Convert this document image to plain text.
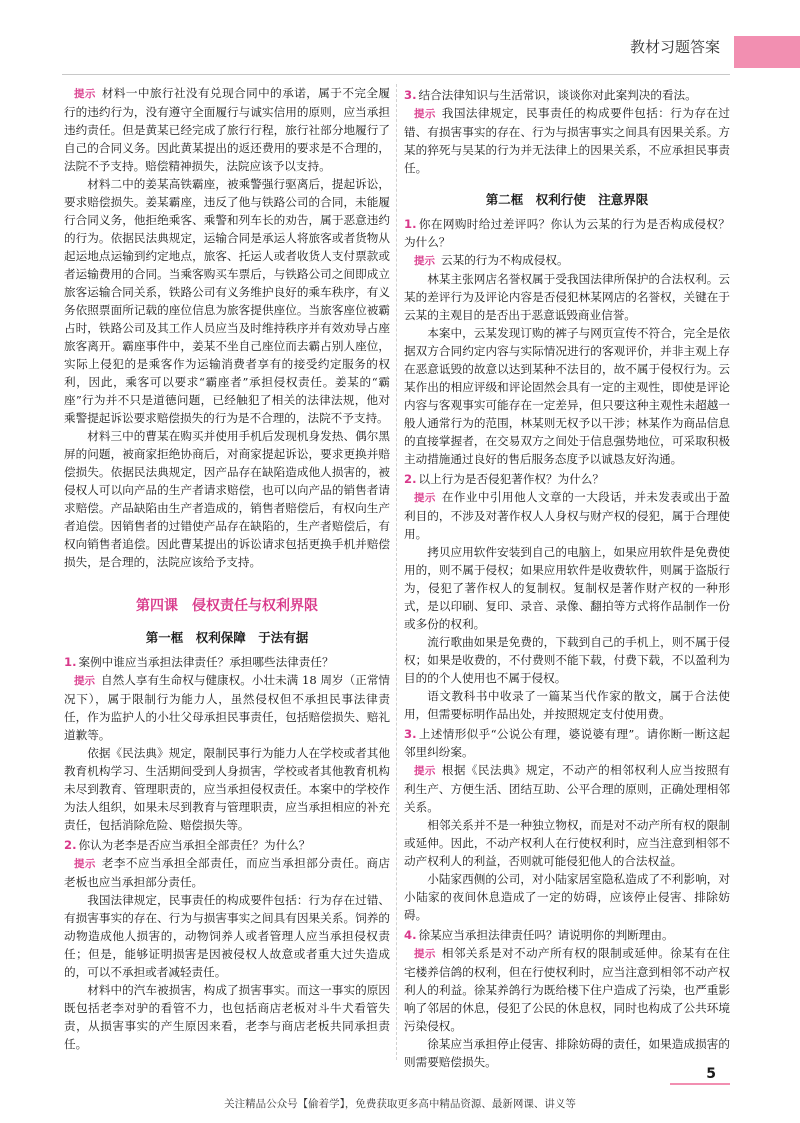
教材习题答案

提示 材料一中旅行社没有兑现合同中的承诺，属于不完全履行的违约行为，没有遵守全面履行与诚实信用的原则，应当承担违约责任。但是黄某已经完成了旅行行程，旅行社部分地履行了自己的合同义务。因此黄某提出的返还费用的要求是不合理的，法院不予支持。赔偿精神损失，法院应该予以支持。

材料二中的姜某高铁霸座，被乘警强行驱离后，提起诉讼，要求赔偿损失。姜某霸座，违反了他与铁路公司的合同，未能履行合同义务，他拒绝乘客、乘警和列车长的劝告，属于恶意违约的行为。依据民法典规定，运输合同是承运人将旅客或者货物从起运地点运输到约定地点，旅客、托运人或者收货人支付票款或者运输费用的合同。当乘客购买车票后，与铁路公司之间即成立旅客运输合同关系，铁路公司有义务维护良好的乘车秩序，有义务依照票面所记载的座位信息为旅客提供座位。当旅客座位被霸占时，铁路公司及其工作人员应当及时维持秩序并有效劝导占座旅客离开。霸座事件中，姜某不坐自己座位而去霸占别人座位，实际上侵犯的是乘客作为运输消费者享有的接受约定服务的权利，因此，乘客可以要求“霸座者”承担侵权责任。姜某的“霸座”行为并不只是道德问题，已经触犯了相关的法律法规，他对乘警提起诉讼要求赔偿损失的行为是不合理的，法院不予支持。

材料三中的曹某在购买并使用手机后发现机身发热、偶尔黑屏的问题，被商家拒绝协商后，对商家提起诉讼，要求更换并赔偿损失。依据民法典规定，因产品存在缺陷造成他人损害的，被侵权人可以向产品的生产者请求赔偿，也可以向产品的销售者请求赔偿。产品缺陷由生产者造成的，销售者赔偿后，有权向生产者追偿。因销售者的过错使产品存在缺陷的，生产者赔偿后，有权向销售者追偿。因此曹某提出的诉讼请求包括更换手机并赔偿损失，是合理的，法院应该给予支持。

第四课　侵权责任与权利界限
第一框　权利保障　于法有据

1. 案例中谁应当承担法律责任？承担哪些法律责任？

提示 自然人享有生命权与健康权。小壮未满 18 周岁（正常情况下），属于限制行为能力人，虽然侵权但不承担民事法律责任，作为监护人的小壮父母承担民事责任，包括赔偿损失、赔礼道歉等。

依据《民法典》规定，限制民事行为能力人在学校或者其他教育机构学习、生活期间受到人身损害，学校或者其他教育机构未尽到教育、管理职责的，应当承担侵权责任。本案中的学校作为法人组织，如果未尽到教育与管理职责，应当承担相应的补充责任，包括消除危险、赔偿损失等。

2. 你认为老李是否应当承担全部责任？为什么？

提示 老李不应当承担全部责任，而应当承担部分责任。商店老板也应当承担部分责任。

我国法律规定，民事责任的构成要件包括：行为存在过错、有损害事实的存在、行为与损害事实之间具有因果关系。饲养的动物造成他人损害的，动物饲养人或者管理人应当承担侵权责任；但是，能够证明损害是因被侵权人故意或者重大过失造成的，可以不承担或者减轻责任。

材料中的汽车被损害，构成了损害事实。而这一事实的原因既包括老李对驴的看管不力，也包括商店老板对斗牛犬看管失责，从损害事实的产生原因来看，老李与商店老板共同承担责任。

3. 结合法律知识与生活常识，谈谈你对此案判决的看法。

提示 我国法律规定，民事责任的构成要件包括：行为存在过错、有损害事实的存在、行为与损害事实之间具有因果关系。方某的猝死与吴某的行为并无法律上的因果关系，不应承担民事责任。

第二框　权利行使　注意界限

1. 你在网购时给过差评吗？你认为云某的行为是否构成侵权？为什么？

提示 云某的行为不构成侵权。

林某主张网店名誉权属于受我国法律所保护的合法权利。云某的差评行为及评论内容是否侵犯林某网店的名誉权，关键在于云某的主观目的是否出于恶意诋毁商业信誉。

本案中，云某发现订购的裤子与网页宣传不符合，完全是依据双方合同约定内容与实际情况进行的客观评价，并非主观上存在恶意诋毁的故意以达到某种不法目的，故不属于侵权行为。云某作出的相应评级和评论固然会具有一定的主观性，即使是评论内容与客观事实可能存在一定差异，但只要这种主观性未超越一般人通常行为的范围，林某则无权予以干涉；林某作为商品信息的直接掌握者，在交易双方之间处于信息强势地位，可采取积极主动措施通过良好的售后服务态度予以诚恳友好沟通。

2. 以上行为是否侵犯著作权？为什么？

提示 在作业中引用他人文章的一大段话，并未发表或出于盈利目的，不涉及对著作权人人身权与财产权的侵犯，属于合理使用。

拷贝应用软件安装到自己的电脑上，如果应用软件是免费使用的，则不属于侵权；如果应用软件是收费软件，则属于盗版行为，侵犯了著作权人的复制权。复制权是著作财产权的一种形式，是以印刷、复印、录音、录像、翻拍等方式将作品制作一份或多份的权利。

流行歌曲如果是免费的，下载到自己的手机上，则不属于侵权；如果是收费的，不付费则不能下载，付费下载，不以盈利为目的的个人使用也不属于侵权。

语文教科书中收录了一篇某当代作家的散文，属于合法使用，但需要标明作品出处，并按照规定支付使用费。

3. 上述情形似乎“公说公有理，婆说婆有理”。请你断一断这起邻里纠纷案。

提示 根据《民法典》规定，不动产的相邻权利人应当按照有利生产、方便生活、团结互助、公平合理的原则，正确处理相邻关系。

相邻关系并不是一种独立物权，而是对不动产所有权的限制或延伸。因此，不动产权利人在行使权利时，应当注意到相邻不动产权利人的利益，否则就可能侵犯他人的合法权益。

小陆家西侧的公司，对小陆家居室隐私造成了不利影响，对小陆家的夜间休息造成了一定的妨碍，应该停止侵害、排除妨碍。

4. 徐某应当承担法律责任吗？请说明你的判断理由。

提示 相邻关系是对不动产所有权的限制或延伸。徐某有在住宅楼养信鸽的权利，但在行使权利时，应当注意到相邻不动产权利人的利益。徐某养鸽行为既给楼下住户造成了污染，也严重影响了邻居的休息，侵犯了公民的休息权，同时也构成了公共环境污染侵权。

徐某应当承担停止侵害、排除妨碍的责任，如果造成损害的则需要赔偿损失。

5
关注精品公众号【偷着学】，免费获取更多高中精品资源、最新网课、讲义等
